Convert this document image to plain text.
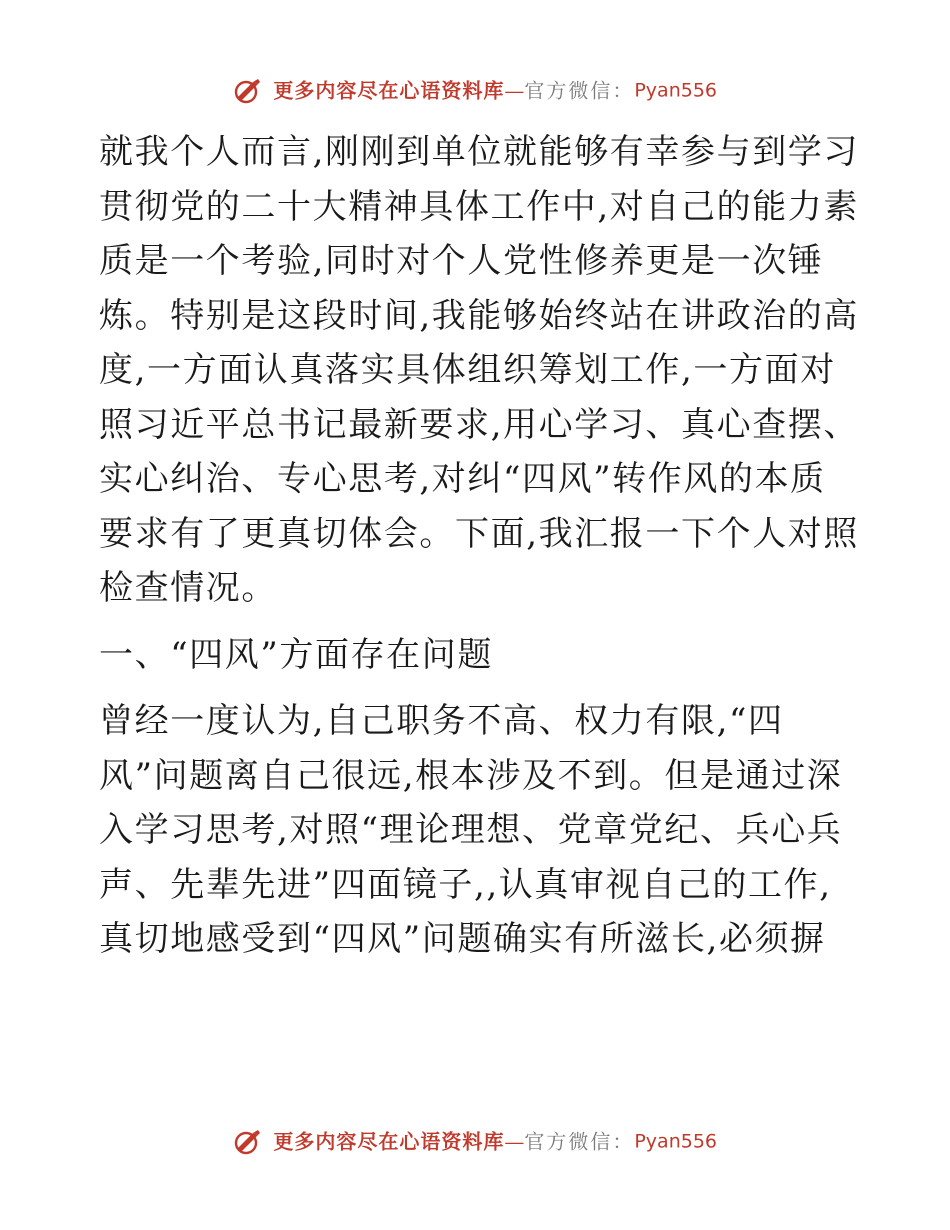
更多内容尽在心语资料库—官方微信：Pyan556

就我个人而言,刚刚到单位就能够有幸参与到学习贯彻党的二十大精神具体工作中,对自己的能力素质是一个考验,同时对个人党性修养更是一次锤炼。特别是这段时间,我能够始终站在讲政治的高度,一方面认真落实具体组织筹划工作,一方面对照习近平总书记最新要求,用心学习、真心查摆、实心纠治、专心思考,对纠“四风”转作风的本质要求有了更真切体会。下面,我汇报一下个人对照检查情况。

一、“四风”方面存在问题

曾经一度认为,自己职务不高、权力有限,“四风”问题离自己很远,根本涉及不到。但是通过深入学习思考,对照“理论理想、党章党纪、兵心兵声、先辈先进”四面镜子,,认真审视自己的工作,真切地感受到“四风”问题确实有所滋长,必须摒

更多内容尽在心语资料库—官方微信：Pyan556
